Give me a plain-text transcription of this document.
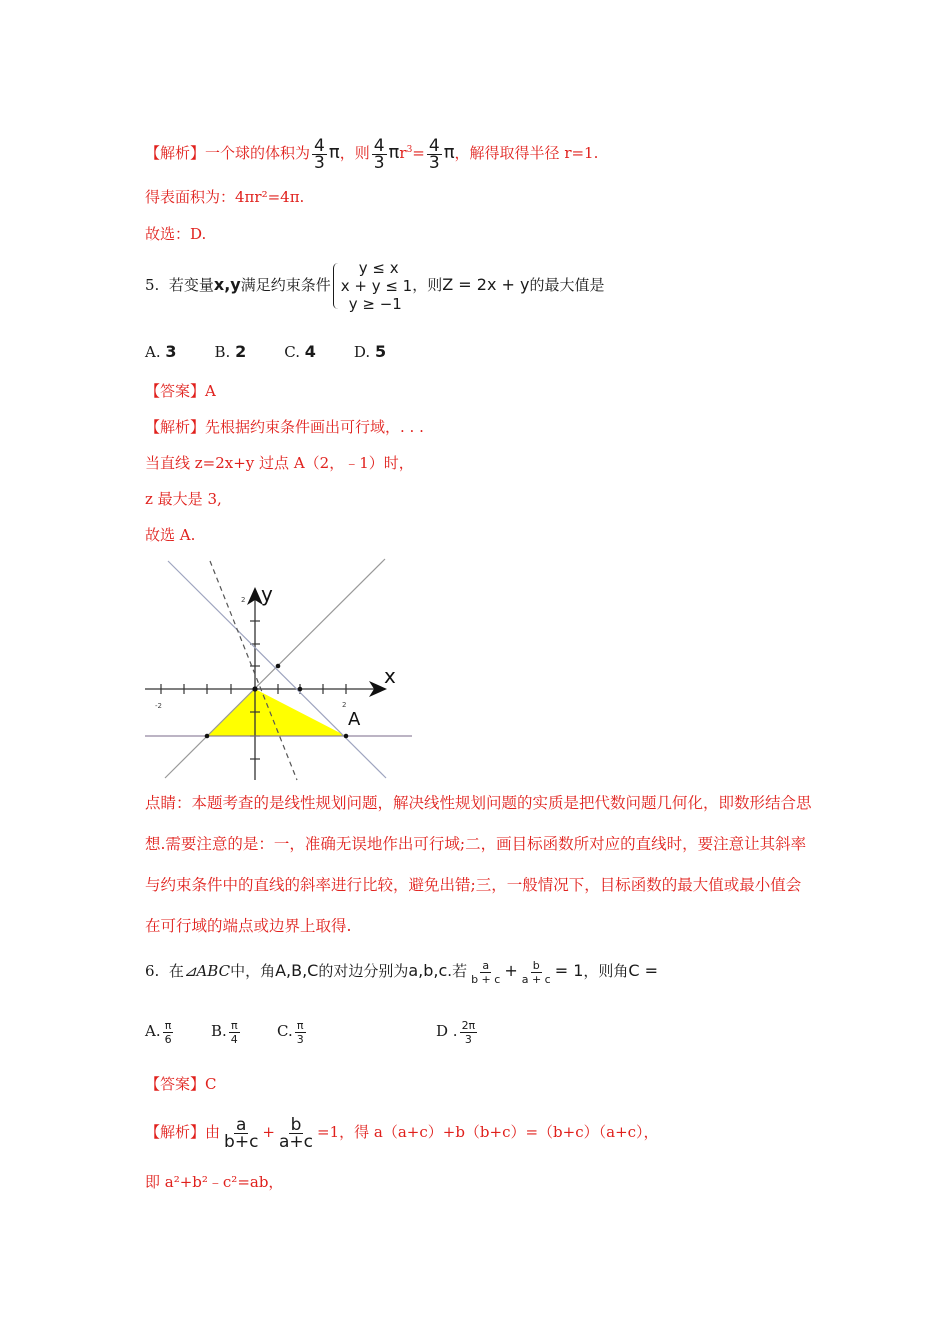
【解析】一个球的体积为 $\frac{4}{3}$ π，则 $\frac{4}{3} \pi r^3= \frac{4}{3}$ π，解得取得半径 r=1.
得表面积为：4πr²=4π.
故选：D.
5. 若变量x,y满足约束条件
y ≤ x
x + y ≤ 1
y ≥ −1
，则Z = 2x + y的最大值是
A. 3	B. 2	C. 4	D. 5
【答案】A
【解析】先根据约束条件画出可行域，. . .
当直线 z=2x+y 过点 A（2，﹣1）时，
z 最大是 3,
故选 A.
x
y
A
-2	2
2
点睛：本题考查的是线性规划问题，解决线性规划问题的实质是把代数问题几何化，即数形结合思想.需要注意的是：一，准确无误地作出可行域;二，画目标函数所对应的直线时，要注意让其斜率与约束条件中的直线的斜率进行比较，避免出错;三，一般情况下，目标函数的最大值或最小值会在可行域的端点或边界上取得.
6. 在⊿ABC中，角A,B,C的对边分别为a,b,c.若 $\frac{a}{b + c} + \frac{b}{a + c} = 1$，则角C =
A. $\frac{\pi}{6} B$. $\frac{\pi}{4} C$. $\frac{\pi}{3}$	D . $\frac{2\pi}{3}$
【答案】C
【解析】由 $\frac{a}{b+c} + \frac{b}{a+c} =1$，得 a（a+c）+b（b+c）=（b+c）（a+c），
即 a²+b²﹣c²=ab，
